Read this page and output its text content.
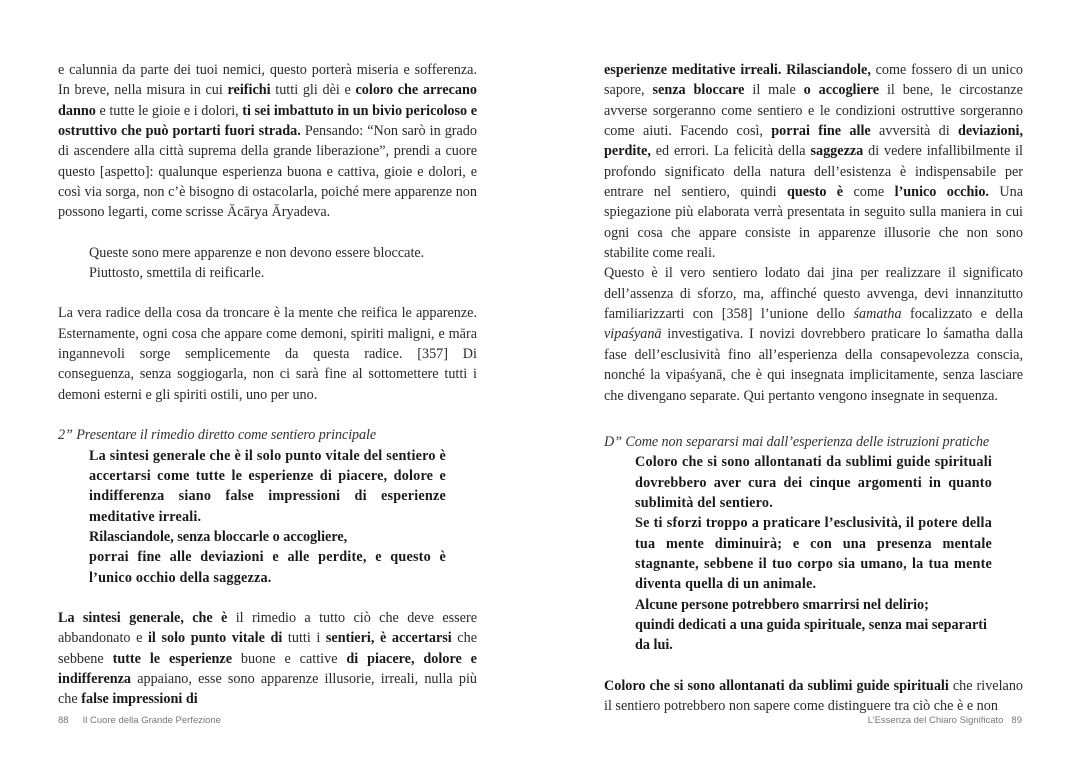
e calunnia da parte dei tuoi nemici, questo porterà miseria e sofferenza. In breve, nella misura in cui reifichi tutti gli dèi e coloro che arrecano danno e tutte le gioie e i dolori, ti sei imbattuto in un bivio pericoloso e ostruttivo che può portarti fuori strada. Pensando: “Non sarò in grado di ascendere alla città suprema della grande liberazione”, prendi a cuore questo [aspetto]: qualunque esperienza buona e cattiva, gioie e dolori, e così via sorga, non c’è bisogno di ostacolarla, poiché mere apparenze non possono legarti, come scrisse Ācārya Āryadeva.

Queste sono mere apparenze e non devono essere bloccate.

Piuttosto, smettila di reificarle.

La vera radice della cosa da troncare è la mente che reifica le apparenze. Esternamente, ogni cosa che appare come demoni, spiriti maligni, e māra ingannevoli sorge semplicemente da questa radice. [357] Di conseguenza, senza soggiogarla, non ci sarà fine al sottomettere tutti i demoni esterni e gli spiriti ostili, uno per uno.

2” Presentare il rimedio diretto come sentiero principale

La sintesi generale che è il solo punto vitale del sentiero è accertarsi come tutte le esperienze di piacere, dolore e indifferenza siano false impressioni di esperienze meditative irreali.

Rilasciandole, senza bloccarle o accogliere,

porrai fine alle deviazioni e alle perdite, e questo è l’unico occhio della saggezza.

La sintesi generale, che è il rimedio a tutto ciò che deve essere abbandonato e il solo punto vitale di tutti i sentieri, è accertarsi che sebbene tutte le esperienze buone e cattive di piacere, dolore e indifferenza appaiano, esse sono apparenze illusorie, irreali, nulla più che false impressioni di

88 Il Cuore della Grande Perfezione

esperienze meditative irreali. Rilasciandole, come fossero di un unico sapore, senza bloccare il male o accogliere il bene, le circostanze avverse sorgeranno come sentiero e le condizioni ostruttive sorgeranno come aiuti. Facendo così, porrai fine alle avversità di deviazioni, perdite, ed errori. La felicità della saggezza di vedere infallibilmente il profondo significato della natura dell’esistenza è indispensabile per entrare nel sentiero, quindi questo è come l’unico occhio. Una spiegazione più elaborata verrà presentata in seguito sulla maniera in cui ogni cosa che appare consiste in apparenze illusorie che non sono stabilite come reali.

Questo è il vero sentiero lodato dai jina per realizzare il significato dell’assenza di sforzo, ma, affinché questo avvenga, devi innanzitutto familiarizzarti con [358] l’unione dello śamatha focalizzato e della vipaśyanā investigativa. I novizi dovrebbero praticare lo śamatha dalla fase dell’esclusività fino all’esperienza della consapevolezza conscia, nonché la vipaśyanā, che è qui insegnata implicitamente, senza lasciare che divengano separate. Qui pertanto vengono insegnate in sequenza.

D” Come non separarsi mai dall’esperienza delle istruzioni pratiche

Coloro che si sono allontanati da sublimi guide spirituali dovrebbero aver cura dei cinque argomenti in quanto sublimità del sentiero.

Se ti sforzi troppo a praticare l’esclusività, il potere della tua mente diminuirà; e con una presenza mentale stagnante, sebbene il tuo corpo sia umano, la tua mente diventa quella di un animale.

Alcune persone potrebbero smarrirsi nel delirio;

quindi dedicati a una guida spirituale, senza mai separarti da lui.

Coloro che si sono allontanati da sublimi guide spirituali che rivelano il sentiero potrebbero non sapere come distinguere tra ciò che è e non

L’Essenza del Chiaro Significato 89
